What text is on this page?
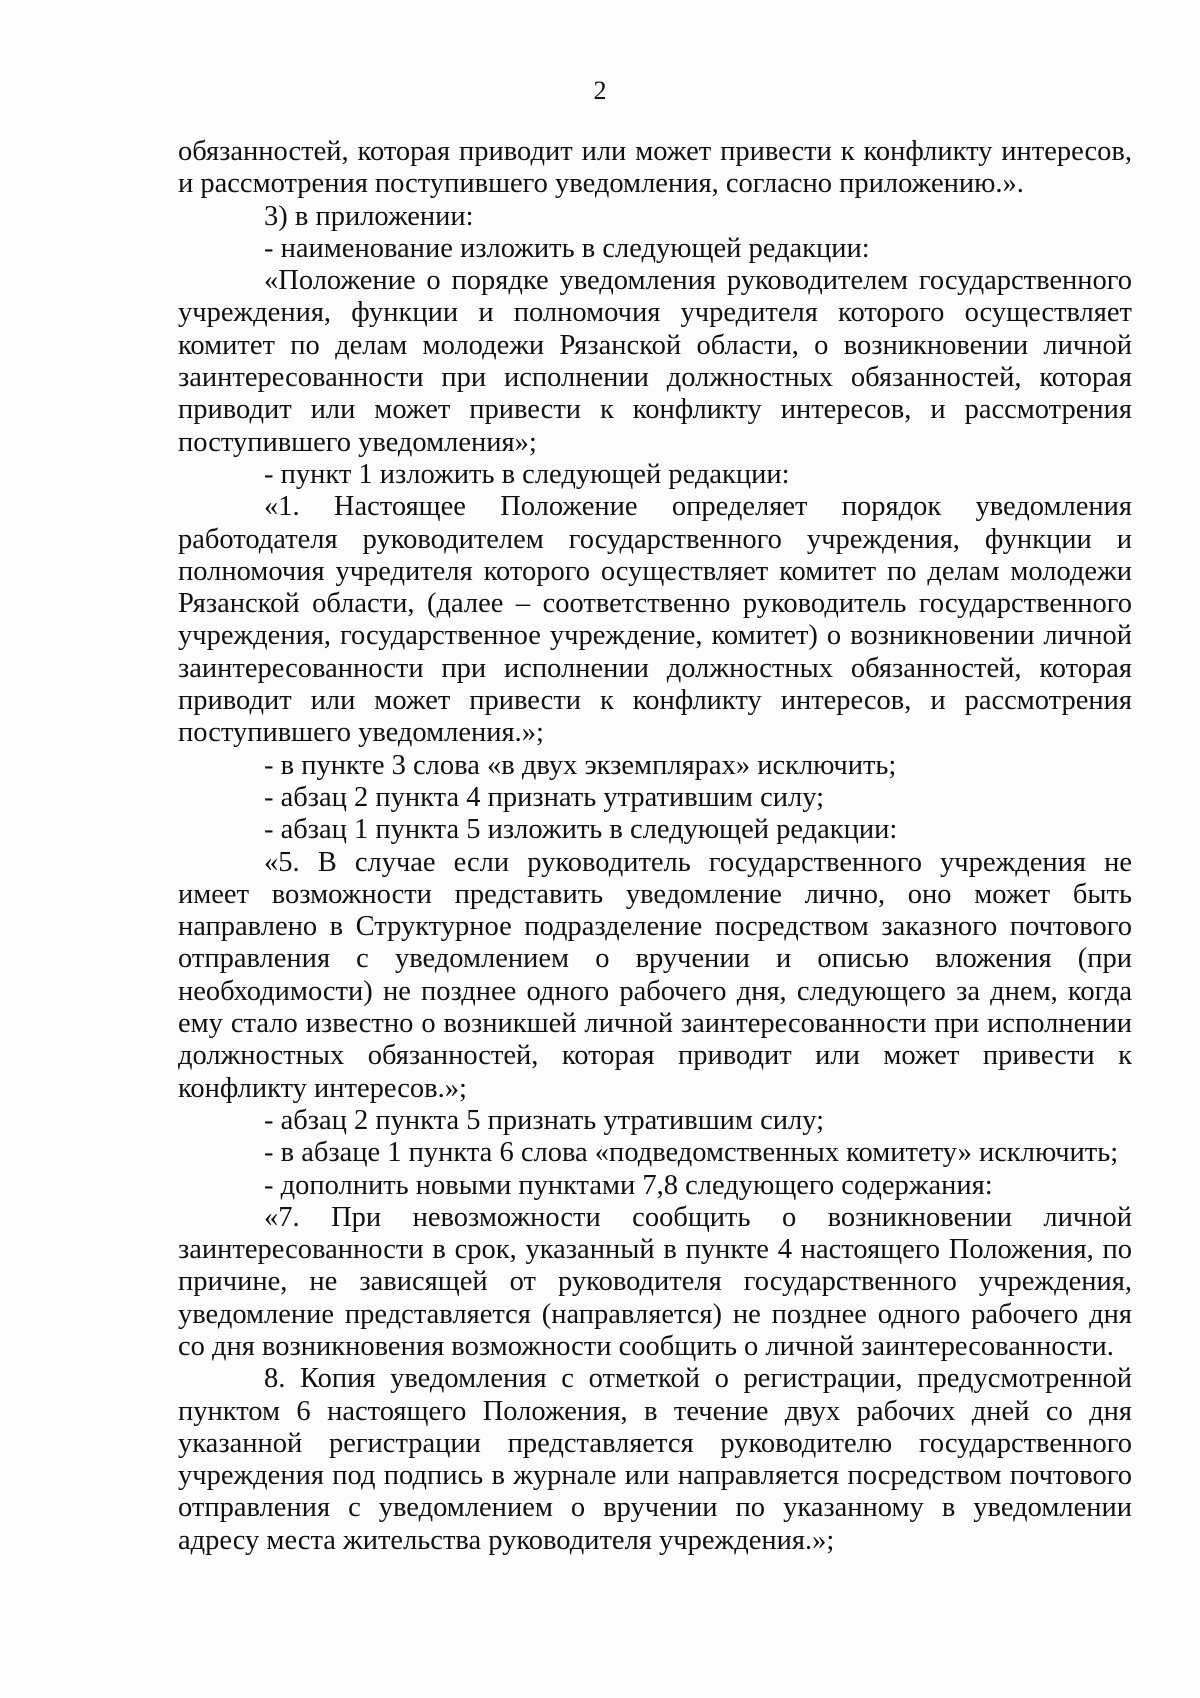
2

обязанностей, которая приводит или может привести к конфликту интересов, и рассмотрения поступившего уведомления, согласно приложению.».

3) в приложении:

- наименование изложить в следующей редакции:

«Положение о порядке уведомления руководителем государственного учреждения, функции и полномочия учредителя которого осуществляет комитет по делам молодежи Рязанской области, о возникновении личной заинтересованности при исполнении должностных обязанностей, которая приводит или может привести к конфликту интересов, и рассмотрения поступившего уведомления»;

- пункт 1 изложить в следующей редакции:

«1. Настоящее Положение определяет порядок уведомления работодателя руководителем государственного учреждения, функции и полномочия учредителя которого осуществляет комитет по делам молодежи Рязанской области, (далее – соответственно руководитель государственного учреждения, государственное учреждение, комитет) о возникновении личной заинтересованности при исполнении должностных обязанностей, которая приводит или может привести к конфликту интересов, и рассмотрения поступившего уведомления.»;

- в пункте 3 слова «в двух экземплярах» исключить;

- абзац 2 пункта 4 признать утратившим силу;

- абзац 1 пункта 5 изложить в следующей редакции:

«5. В случае если руководитель государственного учреждения не имеет возможности представить уведомление лично, оно может быть направлено в Структурное подразделение посредством заказного почтового отправления с уведомлением о вручении и описью вложения (при необходимости) не позднее одного рабочего дня, следующего за днем, когда ему стало известно о возникшей личной заинтересованности при исполнении должностных обязанностей, которая приводит или может привести к конфликту интересов.»;

- абзац 2 пункта 5 признать утратившим силу;

- в абзаце 1 пункта 6 слова «подведомственных комитету» исключить;

- дополнить новыми пунктами 7,8 следующего содержания:

«7. При невозможности сообщить о возникновении личной заинтересованности в срок, указанный в пункте 4 настоящего Положения, по причине, не зависящей от руководителя государственного учреждения, уведомление представляется (направляется) не позднее одного рабочего дня со дня возникновения возможности сообщить о личной заинтересованности.

8. Копия уведомления с отметкой о регистрации, предусмотренной пунктом 6 настоящего Положения, в течение двух рабочих дней со дня указанной регистрации представляется руководителю государственного учреждения под подпись в журнале или направляется посредством почтового отправления с уведомлением о вручении по указанному в уведомлении адресу места жительства руководителя учреждения.»;
